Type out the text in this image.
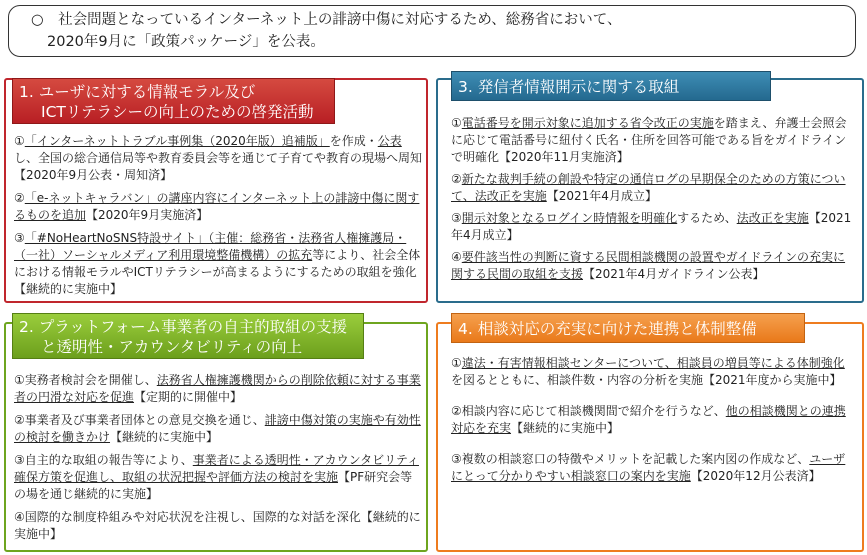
○　社会問題となっているインターネット上の誹謗中傷に対応するため、総務省において、
2020年9月に「政策パッケージ」を公表。
1. ユーザに対する情報モラル及び
ICTリテラシーの向上のための啓発活動

①「インターネットトラブル事例集（2020年版）追補版」を作成・公表し、全国の総合通信局等や教育委員会等を通じて子育てや教育の現場へ周知【2020年9月公表・周知済】

②「e-ネットキャラバン」の講座内容にインターネット上の誹謗中傷に関するものを追加【2020年9月実施済】

③「#NoHeartNoSNS特設サイト」（主催：総務省・法務省人権擁護局・（一社）ソーシャルメディア利用環境整備機構）の拡充等により、社会全体における情報モラルやICTリテラシーが高まるようにするための取組を強化【継続的に実施中】

3. 発信者情報開示に関する取組

①電話番号を開示対象に追加する省令改正の実施を踏まえ、弁護士会照会に応じて電話番号に紐付く氏名・住所を回答可能である旨をガイドラインで明確化【2020年11月実施済】

②新たな裁判手続の創設や特定の通信ログの早期保全のための方策について、法改正を実施【2021年4月成立】

③開示対象となるログイン時情報を明確化するため、法改正を実施【2021年4月成立】

④要件該当性の判断に資する民間相談機関の設置やガイドラインの充実に関する民間の取組を支援【2021年4月ガイドライン公表】

2. プラットフォーム事業者の自主的取組の支援
と透明性・アカウンタビリティの向上

①実務者検討会を開催し、法務省人権擁護機関からの削除依頼に対する事業者の円滑な対応を促進【定期的に開催中】

②事業者及び事業者団体との意見交換を通じ、誹謗中傷対策の実施や有効性の検討を働きかけ【継続的に実施中】

③自主的な取組の報告等により、事業者による透明性・アカウンタビリティ確保方策を促進し、取組の状況把握や評価方法の検討を実施【PF研究会等の場を通じ継続的に実施】

④国際的な制度枠組みや対応状況を注視し、国際的な対話を深化【継続的に実施中】

4. 相談対応の充実に向けた連携と体制整備

①違法・有害情報相談センターについて、相談員の増員等による体制強化を図るとともに、相談件数・内容の分析を実施【2021年度から実施中】

②相談内容に応じて相談機関間で紹介を行うなど、他の相談機関との連携対応を充実【継続的に実施中】

③複数の相談窓口の特徴やメリットを記載した案内図の作成など、ユーザにとって分かりやすい相談窓口の案内を実施【2020年12月公表済】
